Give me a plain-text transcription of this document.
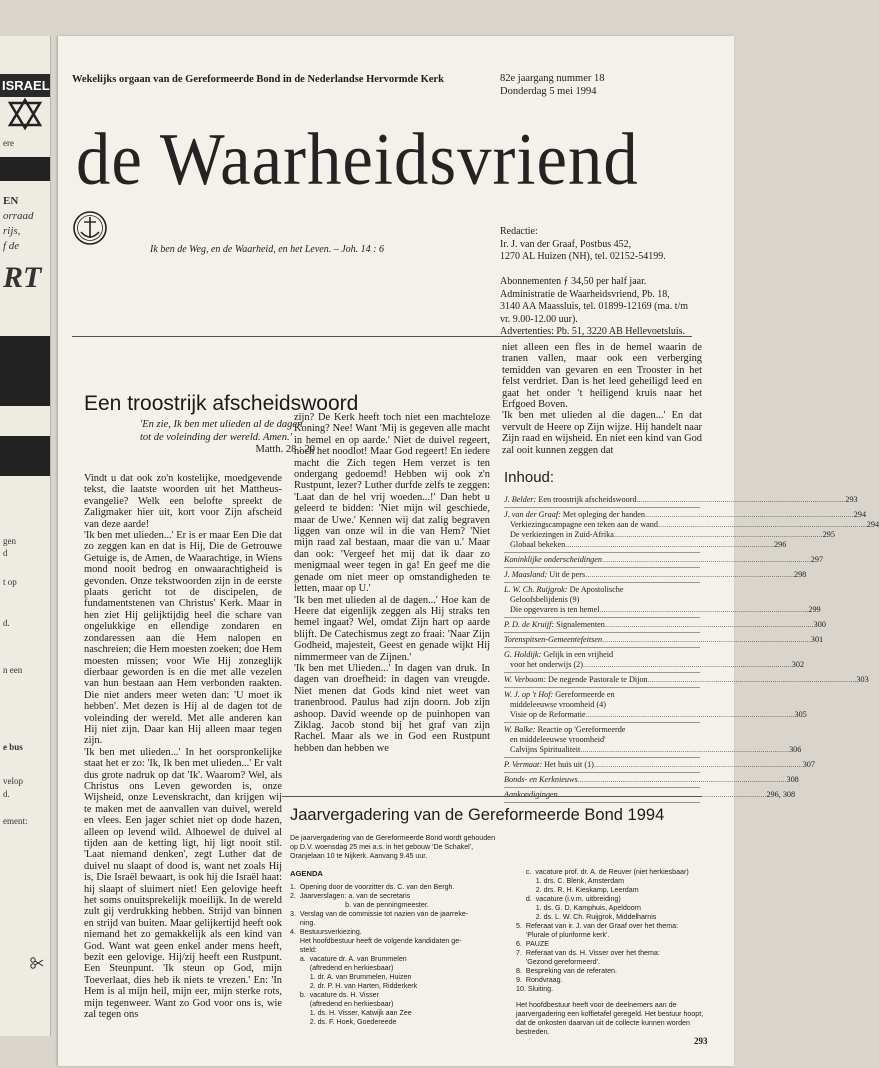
ISRAEL
ere
EN
orraad
rijs,
f de
RT
gen
d
t op
d.
n een
e bus
velop
d.
ement:
Wekelijks orgaan van de Gereformeerde Bond in de Nederlandse Hervormde Kerk	82e jaargang nummer 18
Donderdag 5 mei 1994
de Waarheidsvriend
Ik ben de Weg, en de Waarheid, en het Leven. – Joh. 14 : 6
Redactie:
Ir. J. van der Graaf, Postbus 452,
1270 AL Huizen (NH), tel. 02152-54199.
Abonnementen ƒ 34,50 per half jaar.
Administratie de Waarheidsvriend, Pb. 18,
3140 AA Maassluis, tel. 01899-12169 (ma. t/m
vr. 9.00-12.00 uur).
Advertenties: Pb. 51, 3220 AB Hellevoetsluis.
Een troostrijk afscheidswoord
'En zie, Ik ben met ulieden al de dagen tot de voleinding der wereld. Amen.'
Matth. 28 : 20

Vindt u dat ook zo'n kostelijke, moedgevende tekst, die laatste woorden uit het Mattheus-evangelie? Welk een belofte spreekt de Zaligmaker hier uit, kort voor Zijn afscheid van deze aarde!

'Ik ben met ulieden...' Er is er maar Een Die dat zo zeggen kan en dat is Hij, Die de Getrouwe Getuige is, de Amen, de Waarachtige, in Wiens mond nooit bedrog en onwaarachtigheid is gevonden. Onze tekstwoorden zijn in de eerste plaats gericht tot de discipelen, de fundamentstenen van Christus' Kerk. Maar in hen ziet Hij gelijktijdig heel die schare van ongelukkige en ellendige zondaren en zondaressen aan die Hem nalopen en naschreien; die Hem moesten zoeken; doe Hem moesten missen; voor Wie Hij zonzeglijk dierbaar geworden is en die met alle vezelen van hun bestaan aan Hem verbonden raakten. Die niet anders meer weten dan: 'U moet ik hebben'. Met dezen is Hij al de dagen tot de voleinding der wereld. Met alle anderen kan Hij niet zijn. Daar kan Hij alleen maar tegen zijn.

'Ik ben met ulieden...' In het oorspronkelijke staat het er zo: 'Ik, Ik ben met ulieden...' Er valt dus grote nadruk op dat 'Ik'. Waarom? Wel, als Christus ons Leven geworden is, onze Wijsheid, onze Levenskracht, dan krijgen wij te maken met de aanvallen van duivel, wereld en vlees. Een jager schiet niet op dode hazen, alleen op levend wild. Alhoewel de duivel al tijden aan de ketting ligt, hij ligt nooit stil. 'Laat niemand denken', zegt Luther dat de duivel nu slaapt of dood is, want net zoals Hij is, Die Israël bewaart, is ook hij die Israël haat: hij slaapt of sluimert niet! Een gelovige heeft het soms onuitsprekelijk moeilijk. In de wereld zult gij verdrukking hebben. Strijd van binnen en strijd van buiten. Maar gelijkertijd heeft ook niemand het zo gemakkelijk als een kind van God. Want wat geen enkel ander mens heeft, bezit een gelovige. Hij/zij heeft een Rustpunt. Een Steunpunt. 'Ik steun op God, mijn Toeverlaat, dies heb ik niets te vrezen.' En: 'In Hem is al mijn heil, mijn eer, mijn sterke rots, mijn tegenweer. Want zo God voor ons is, wie zal tegen ons

zijn? De Kerk heeft toch niet een machteloze Koning? Nee! Want 'Mij is gegeven alle macht in hemel en op aarde.' Niet de duivel regeert, noch het noodlot! Maar God regeert! En iedere macht die Zich tegen Hem verzet is ten ondergang gedoemd! Hebben wij ook z'n Rustpunt, lezer? Luther durfde zelfs te zeggen: 'Laat dan de hel vrij woeden...!' Dan hebt u geleerd te bidden: 'Niet mijn wil geschiede, maar de Uwe.' Kennen wij dat zalig begraven liggen van onze wil in die van Hem? 'Niet mijn raad zal bestaan, maar die van u.' Maar dan ook: 'Vergeef het mij dat ik daar zo menigmaal weer tegen in ga! En geef me die genade om niet meer op omstandigheden te letten, maar op U.'

'Ik ben met ulieden al de dagen...' Hoe kan de Heere dat eigenlijk zeggen als Hij straks ten hemel ingaat? Wel, omdat Zijn hart op aarde blijft. De Catechismus zegt zo fraai: 'Naar Zijn Godheid, majesteit, Geest en genade wijkt Hij nimmermeer van de Zijnen.'

'Ik ben met Ulieden...' In dagen van druk. In dagen van droefheid: in dagen van vreugde. Niet menen dat Gods kind niet weet van tranenbrood. Paulus had zijn doorn. Job zijn ashoop. David weende op de puinhopen van Ziklag. Jacob stond bij het graf van zijn Rachel. Maar als we in God een Rustpunt hebben dan hebben we

niet alleen een fles in de hemel waarin de tranen vallen, maar ook een verberging temidden van gevaren en een Trooster in het felst verdriet. Dan is het leed geheiligd leed en gaat het onder 't heiligend kruis naar het Erfgoed Boven.

'Ik ben met ulieden al die dagen...' En dat vervult de Heere op Zijn wijze. Hij handelt naar Zijn raad en wijsheid. En niet een kind van God zal ooit kunnen zeggen dat

Inhoud:
J. Belder: Een troostrijk afscheidswoord .....	293
J. van der Graaf: Met opleging der handen .....	294
Verkiezingscampagne een teken aan de wand .....	294
De verkiezingen in Zuid-Afrika .....	295
Globaal bekeken .....	296
Koninklijke onderscheidingen .....	297
J. Maasland: Uit de pers .....	298
L. W. Ch. Ruijgrok: De Apostolische
Geloofsbelijdenis (9)
Die opgevaren is ten hemel .....	299
P. D. de Kruijf: Signalementen .....	300
Torenspitsen-Gemeentefeitsen .....	301
G. Holdijk: Gelijk in een vrijheid
voor het onderwijs (2) .....	302
W. Verboom: De negende Pastorale te Dijon .....	303
W. J. op 't Hof: Gereformeerde en
middeleeuwse vroomheid (4)
Visie op de Reformatie .....	305
W. Balke: Reactie op 'Gereformeerde
en middeleeuwse vroomheid'
Calvijns Spiritualiteit .....	306
P. Vermaat: Het huis uit (1) .....	307
Bonds- en Kerknieuws .....	308
Aankondigingen .....	296, 308
Jaarvergadering van de Gereformeerde Bond 1994
De jaarvergadering van de Gereformeerde Bond wordt gehouden op D.V. woensdag 25 mei a.s. in het gebouw 'De Schakel', Oranjelaan 10 te Nijkerk. Aanvang 9.45 uur.
AGENDA
1.  Opening door de voorzitter ds. C. van den Bergh.
2.  Jaarverslagen: a. van de secretaris
b. van de penningmeester.
3.  Verslag van de commissie tot nazien van de jaarreke-
ning.
4.  Bestuursverkiezing.
Het hoofdbestuur heeft de volgende kandidaten ge-
steld:
a.  vacature dr. A. van Brummelen
(aftredend en herkiesbaar)
1. dr. A. van Brummelen, Huizen
2. dr. P. H. van Harten, Ridderkerk
b.  vacature ds. H. Visser
(aftredend en herkiesbaar)
1. ds. H. Visser, Katwijk aan Zee
2. ds. F. Hoek, Goedereede
c.  vacature prof. dr. A. de Reuver (niet herkiesbaar)
1. drs. C. Blenk, Amsterdam
2. drs. R. H. Kieskamp, Leerdam
d.  vacature (i.v.m. uitbreiding)
1. ds. G. D. Kamphuis, Apeldoorn
2. ds. L. W. Ch. Ruijgrok, Middelharnis
5.  Referaat van ir. J. van der Graaf over het thema:
'Plurale of pluriforme kerk'.
6.  PAUZE
7.  Referaat van ds. H. Visser over het thema:
'Gezond gereformeerd'.
8.  Bespreking van de referaten.
9.  Rondvraag.
10. Sluiting.
Het hoofdbestuur heeft voor de deelnemers aan de jaarvergadering een koffietafel geregeld. Het bestuur hoopt, dat de onkosten daarvan uit de collecte kunnen worden bestreden.
293
